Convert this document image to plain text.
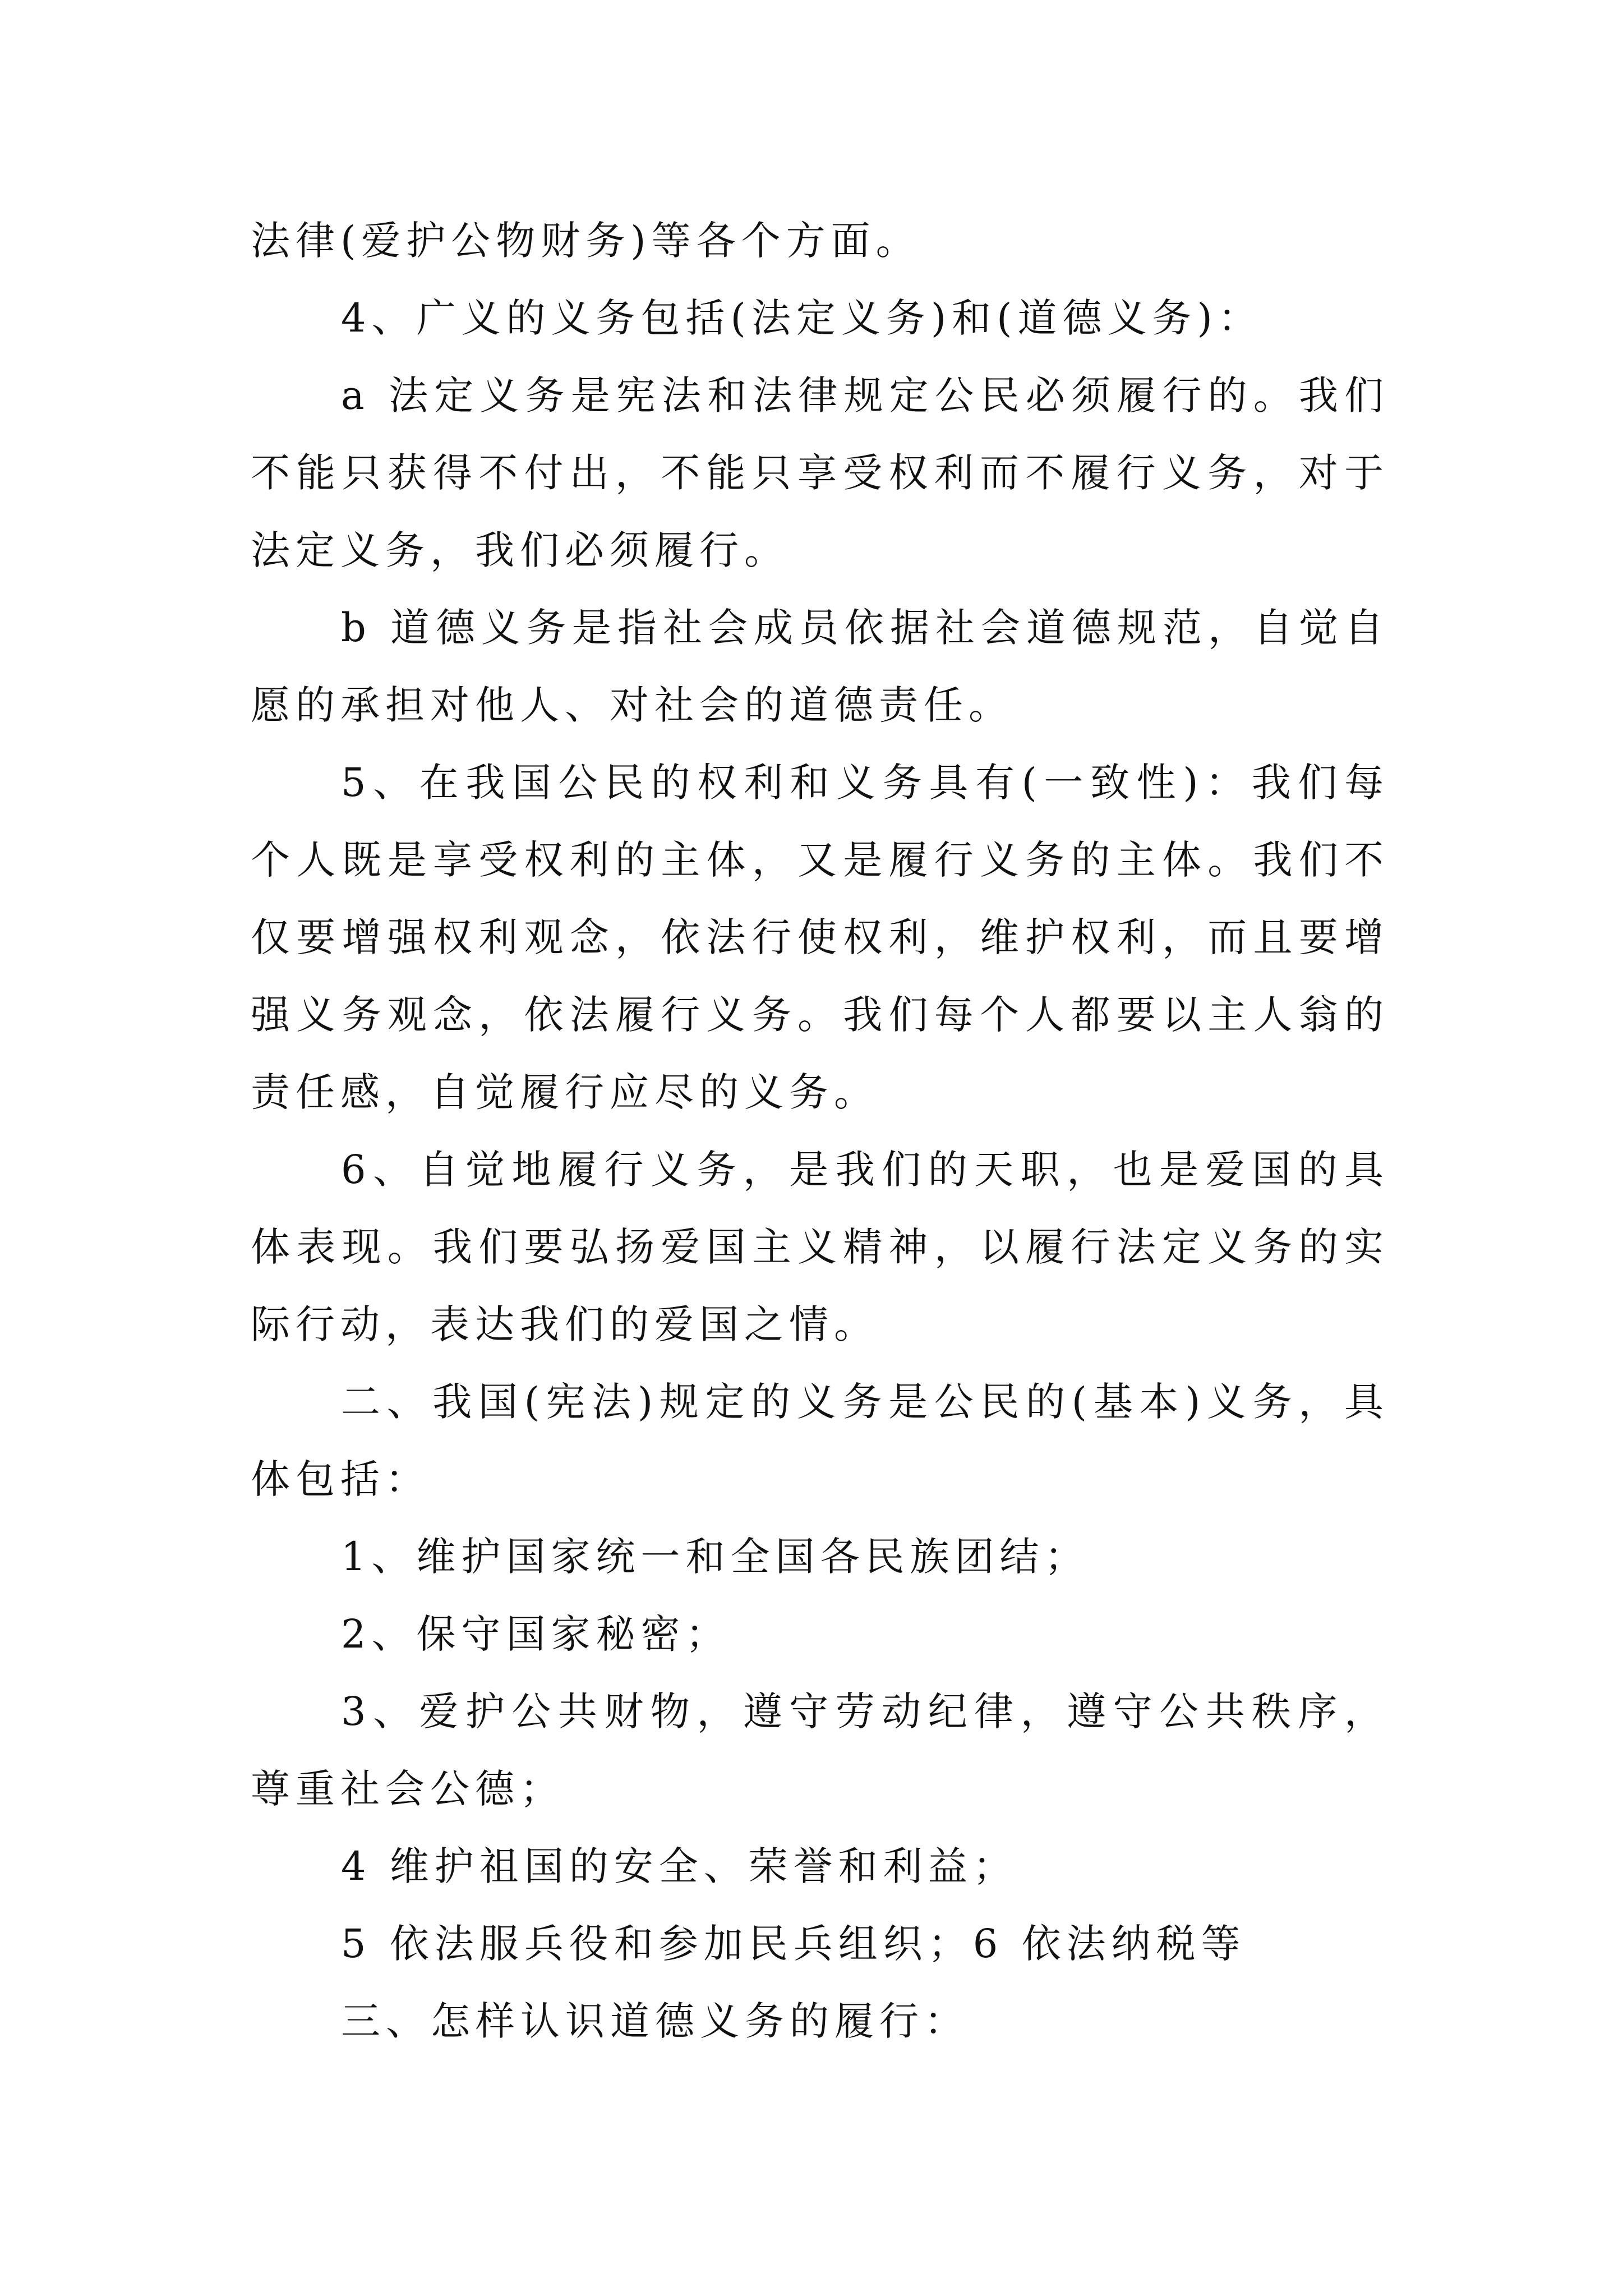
法律(爱护公物财务)等各个方面。

4、广义的义务包括(法定义务)和(道德义务)：

a 法定义务是宪法和法律规定公民必须履行的。我们不能只获得不付出，不能只享受权利而不履行义务，对于法定义务，我们必须履行。

b 道德义务是指社会成员依据社会道德规范，自觉自愿的承担对他人、对社会的道德责任。

5、在我国公民的权利和义务具有(一致性)：我们每个人既是享受权利的主体，又是履行义务的主体。我们不仅要增强权利观念，依法行使权利，维护权利，而且要增强义务观念，依法履行义务。我们每个人都要以主人翁的责任感，自觉履行应尽的义务。

6、自觉地履行义务，是我们的天职，也是爱国的具体表现。我们要弘扬爱国主义精神，以履行法定义务的实际行动，表达我们的爱国之情。

二、我国(宪法)规定的义务是公民的(基本)义务，具体包括：

1、维护国家统一和全国各民族团结；

2、保守国家秘密；

3、爱护公共财物，遵守劳动纪律，遵守公共秩序，尊重社会公德；

4 维护祖国的安全、荣誉和利益；

5 依法服兵役和参加民兵组织；6 依法纳税等

三、怎样认识道德义务的履行：
